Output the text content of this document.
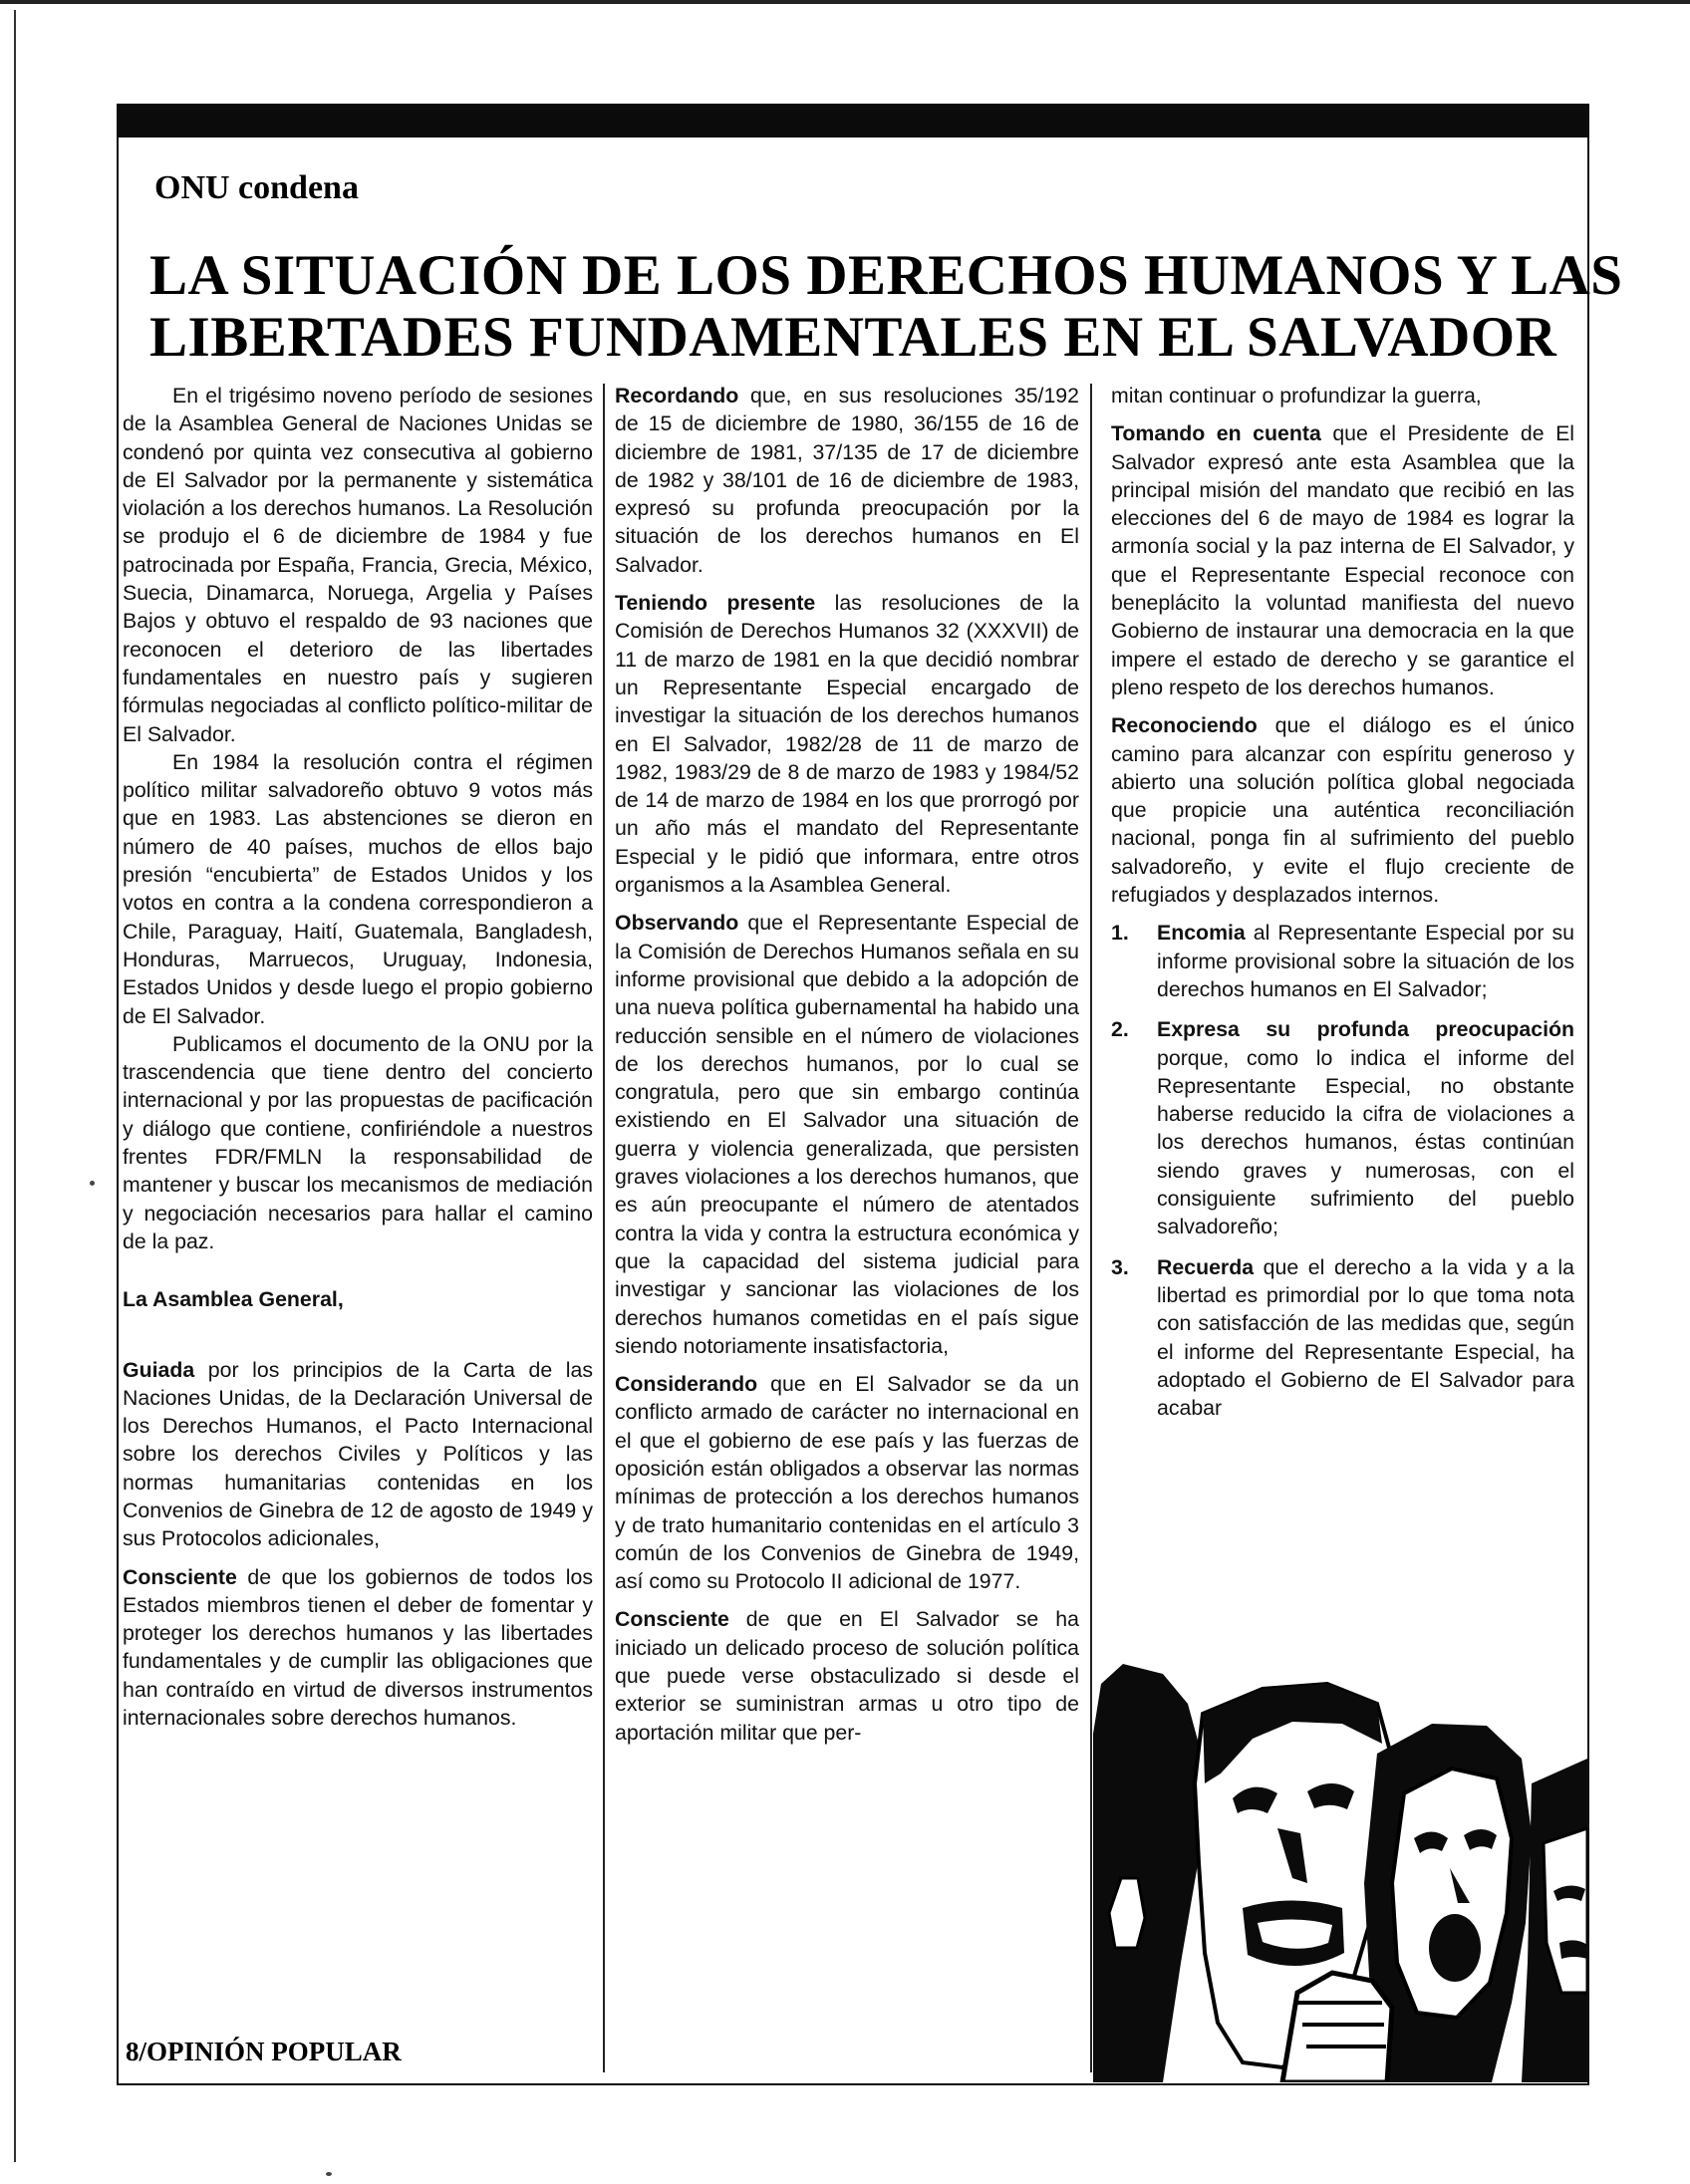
ONU condena
LA SITUACIÓN DE LOS DERECHOS HUMANOS Y LAS
LIBERTADES FUNDAMENTALES EN EL SALVADOR

En el trigésimo noveno período de sesiones de la Asamblea General de Naciones Unidas se condenó por quinta vez consecutiva al gobierno de El Salvador por la permanente y sistemática violación a los derechos humanos. La Resolución se produjo el 6 de diciembre de 1984 y fue patrocinada por España, Francia, Grecia, México, Suecia, Dinamarca, Noruega, Argelia y Países Bajos y obtuvo el respaldo de 93 naciones que reconocen el deterioro de las libertades fundamentales en nuestro país y sugieren fórmulas negociadas al conflicto político-militar de El Salvador.

En 1984 la resolución contra el régimen político militar salvadoreño obtuvo 9 votos más que en 1983. Las abstenciones se dieron en número de 40 países, muchos de ellos bajo presión “encubierta” de Estados Unidos y los votos en contra a la condena correspondieron a Chile, Paraguay, Haití, Guatemala, Bangladesh, Honduras, Marruecos, Uruguay, Indonesia, Estados Unidos y desde luego el propio gobierno de El Salvador.

Publicamos el documento de la ONU por la trascendencia que tiene dentro del concierto internacional y por las propuestas de pacificación y diálogo que contiene, confiriéndole a nuestros frentes FDR/FMLN la responsabilidad de mantener y buscar los mecanismos de mediación y negociación necesarios para hallar el camino de la paz.

La Asamblea General,

Guiada por los principios de la Carta de las Naciones Unidas, de la Declaración Universal de los Derechos Humanos, el Pacto Internacional sobre los derechos Civiles y Políticos y las normas humanitarias contenidas en los Convenios de Ginebra de 12 de agosto de 1949 y sus Protocolos adicionales,

Consciente de que los gobiernos de todos los Estados miembros tienen el deber de fomentar y proteger los derechos humanos y las libertades fundamentales y de cumplir las obligaciones que han contraído en virtud de diversos instrumentos internacionales sobre derechos humanos.

Recordando que, en sus resoluciones 35/192 de 15 de diciembre de 1980, 36/155 de 16 de diciembre de 1981, 37/135 de 17 de diciembre de 1982 y 38/101 de 16 de diciembre de 1983, expresó su profunda preocupación por la situación de los derechos humanos en El Salvador.

Teniendo presente las resoluciones de la Comisión de Derechos Humanos 32 (XXXVII) de 11 de marzo de 1981 en la que decidió nombrar un Representante Especial encargado de investigar la situación de los derechos humanos en El Salvador, 1982/28 de 11 de marzo de 1982, 1983/29 de 8 de marzo de 1983 y 1984/52 de 14 de marzo de 1984 en los que prorrogó por un año más el mandato del Representante Especial y le pidió que informara, entre otros organismos a la Asamblea General.

Observando que el Representante Especial de la Comisión de Derechos Humanos señala en su informe provisional que debido a la adopción de una nueva política gubernamental ha habido una reducción sensible en el número de violaciones de los derechos humanos, por lo cual se congratula, pero que sin embargo continúa existiendo en El Salvador una situación de guerra y violencia generalizada, que persisten graves violaciones a los derechos humanos, que es aún preocupante el número de atentados contra la vida y contra la estructura económica y que la capacidad del sistema judicial para investigar y sancionar las violaciones de los derechos humanos cometidas en el país sigue siendo notoriamente insatisfactoria,

Considerando que en El Salvador se da un conflicto armado de carácter no internacional en el que el gobierno de ese país y las fuerzas de oposición están obligados a observar las normas mínimas de protección a los derechos humanos y de trato humanitario contenidas en el artículo 3 común de los Convenios de Ginebra de 1949, así como su Protocolo II adicional de 1977.

Consciente de que en El Salvador se ha iniciado un delicado proceso de solución política que puede verse obstaculizado si desde el exterior se suministran armas u otro tipo de aportación militar que per-

mitan continuar o profundizar la guerra,

Tomando en cuenta que el Presidente de El Salvador expresó ante esta Asamblea que la principal misión del mandato que recibió en las elecciones del 6 de mayo de 1984 es lograr la armonía social y la paz interna de El Salvador, y que el Representante Especial reconoce con beneplácito la voluntad manifiesta del nuevo Gobierno de instaurar una democracia en la que impere el estado de derecho y se garantice el pleno respeto de los derechos humanos.

Reconociendo que el diálogo es el único camino para alcanzar con espíritu generoso y abierto una solución política global negociada que propicie una auténtica reconciliación nacional, ponga fin al sufrimiento del pueblo salvadoreño, y evite el flujo creciente de refugiados y desplazados internos.

1. Encomia al Representante Especial por su informe provisional sobre la situación de los derechos humanos en El Salvador;
2. Expresa su profunda preocupación porque, como lo indica el informe del Representante Especial, no obstante haberse reducido la cifra de violaciones a los derechos humanos, éstas continúan siendo graves y numerosas, con el consiguiente sufrimiento del pueblo salvadoreño;
3. Recuerda que el derecho a la vida y a la libertad es primordial por lo que toma nota con satisfacción de las medidas que, según el informe del Representante Especial, ha adoptado el Gobierno de El Salvador para acabar
8/OPINIÓN POPULAR
